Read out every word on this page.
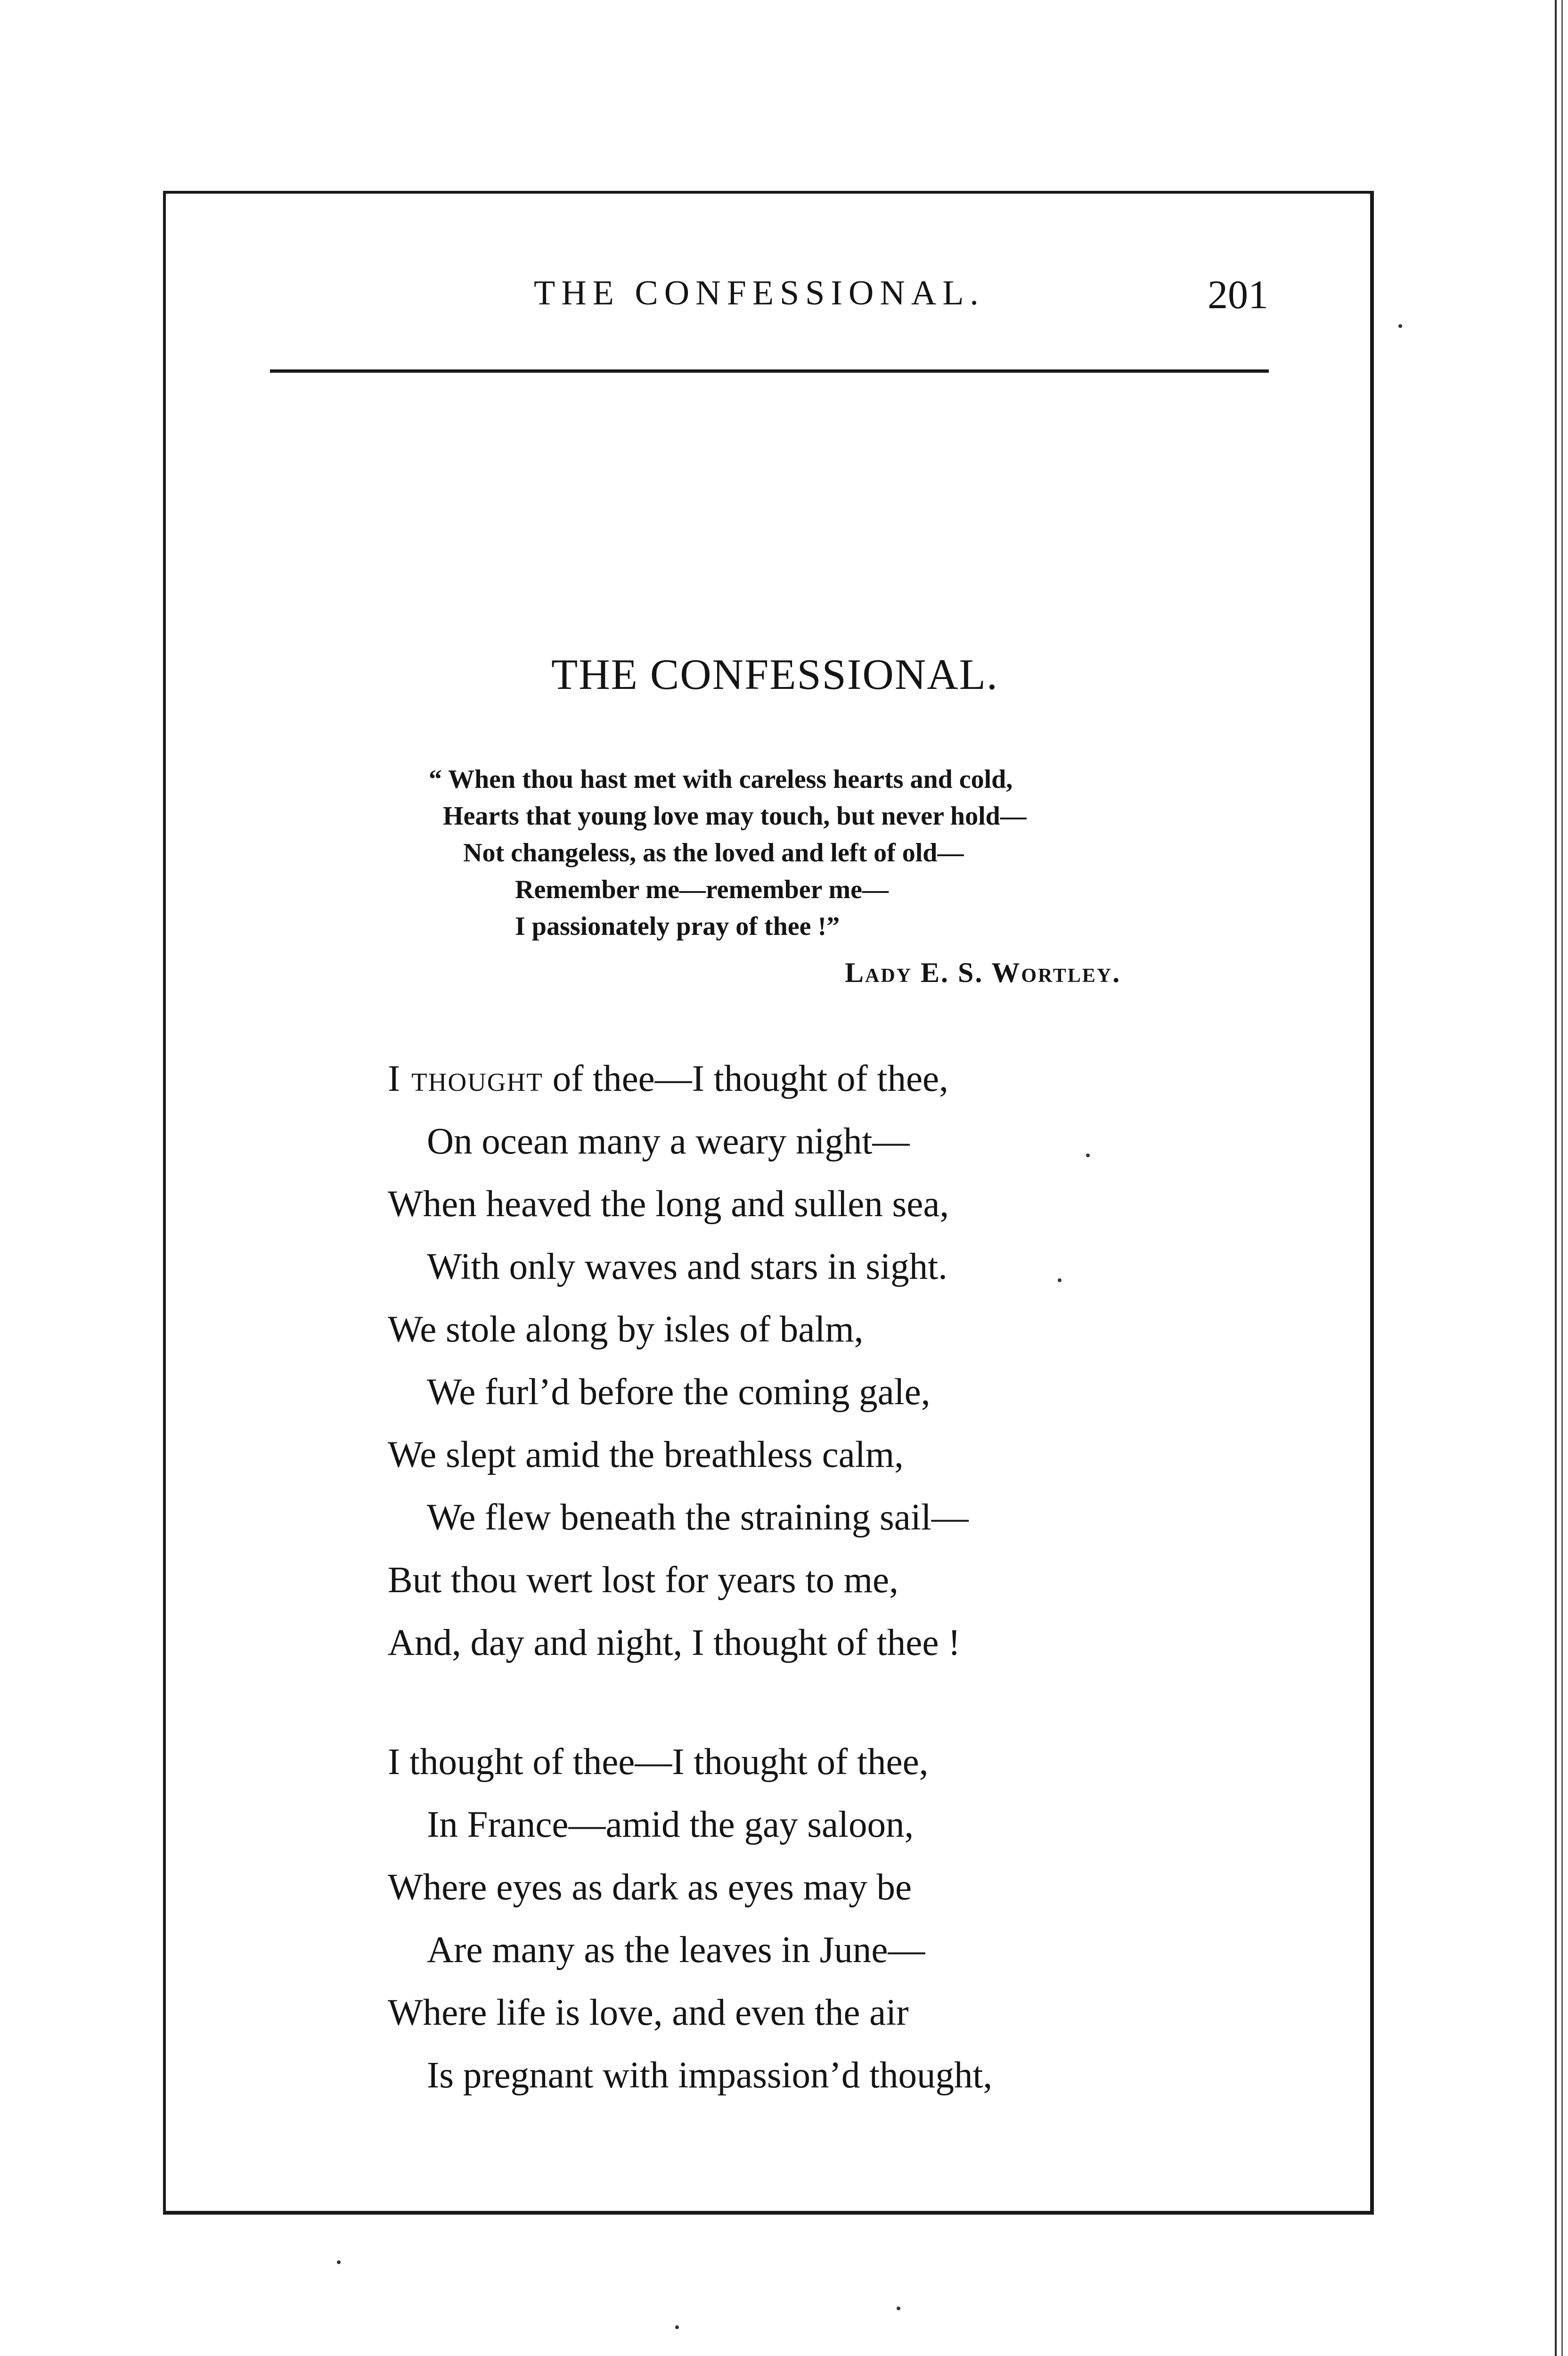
THE CONFESSIONAL.	201
THE CONFESSIONAL.
“ When thou hast met with careless hearts and cold,
Hearts that young love may touch, but never hold—
Not changeless, as the loved and left of old—
Remember me—remember me—
I passionately pray of thee !”
Lady E. S. Wortley.
I thought of thee—I thought of thee,
On ocean many a weary night—
When heaved the long and sullen sea,
With only waves and stars in sight.
We stole along by isles of balm,
We furl’d before the coming gale,
We slept amid the breathless calm,
We flew beneath the straining sail—
But thou wert lost for years to me,
And, day and night, I thought of thee !
I thought of thee—I thought of thee,
In France—amid the gay saloon,
Where eyes as dark as eyes may be
Are many as the leaves in June—
Where life is love, and even the air
Is pregnant with impassion’d thought,
